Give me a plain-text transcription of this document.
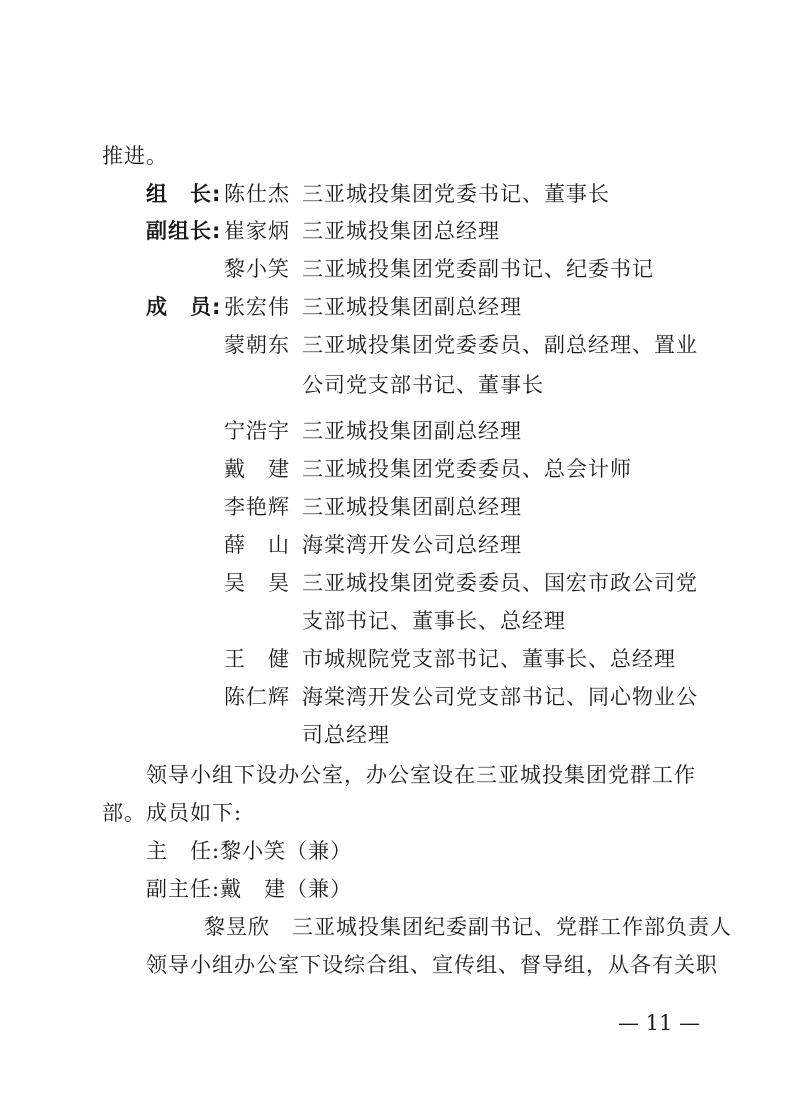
推进。
组　长: 陈仕杰 三亚城投集团党委书记、董事长
副组长: 崔家炳 三亚城投集团总经理
黎小笑 三亚城投集团党委副书记、纪委书记
成　员: 张宏伟 三亚城投集团副总经理
蒙朝东 三亚城投集团党委委员、副总经理、置业
公司党支部书记、董事长
宁浩宇 三亚城投集团副总经理
戴　建 三亚城投集团党委委员、总会计师
李艳辉 三亚城投集团副总经理
薛　山 海棠湾开发公司总经理
吴　昊 三亚城投集团党委委员、国宏市政公司党
支部书记、董事长、总经理
王　健 市城规院党支部书记、董事长、总经理
陈仁辉 海棠湾开发公司党支部书记、同心物业公
司总经理
领导小组下设办公室，办公室设在三亚城投集团党群工作
部。成员如下:
主　任:黎小笑（兼）
副主任:戴　建（兼）
黎昱欣　三亚城投集团纪委副书记、党群工作部负责人
领导小组办公室下设综合组、宣传组、督导组，从各有关职
— 11 —
